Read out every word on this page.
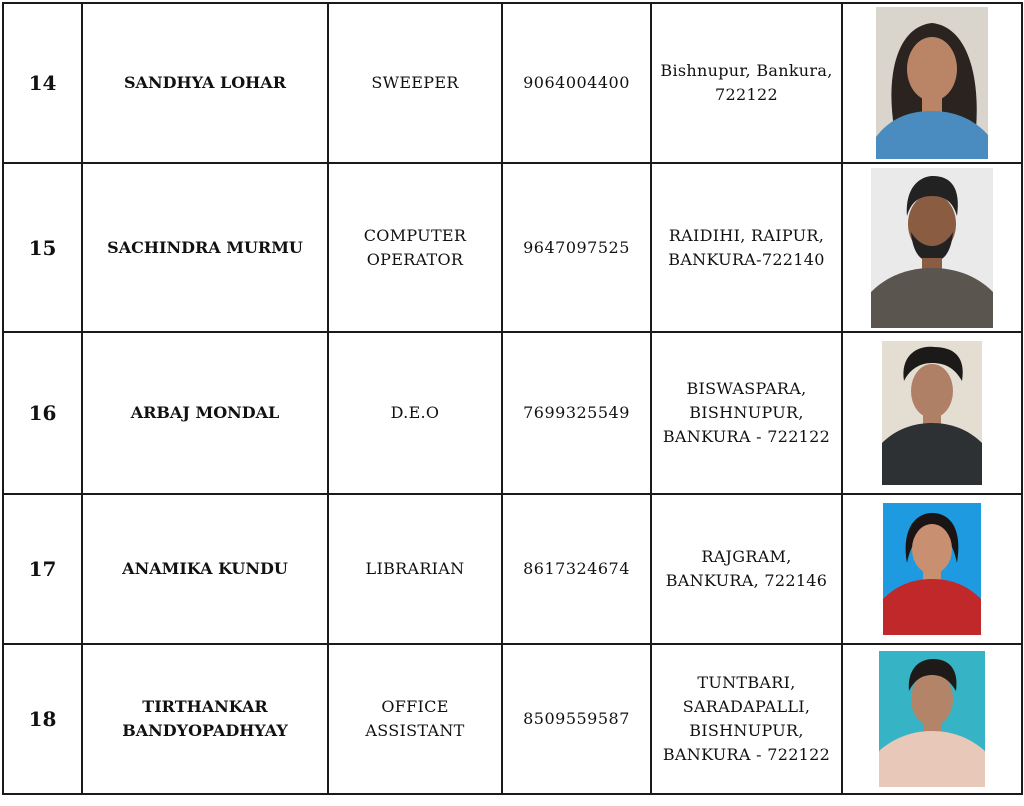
14	SANDHYA LOHAR	SWEEPER	9064004400	Bishnupur, Bankura, 722122	

15	SACHINDRA MURMU	COMPUTER OPERATOR	9647097525	RAIDIHI, RAIPUR, BANKURA-722140	

16	ARBAJ MONDAL	D.E.O	7699325549	BISWASPARA, BISHNUPUR, BANKURA - 722122	

17	ANAMIKA KUNDU	LIBRARIAN	8617324674	RAJGRAM, BANKURA, 722146	

18	TIRTHANKAR BANDYOPADHYAY	OFFICE ASSISTANT	8509559587	TUNTBARI, SARADAPALLI, BISHNUPUR, BANKURA - 722122	
